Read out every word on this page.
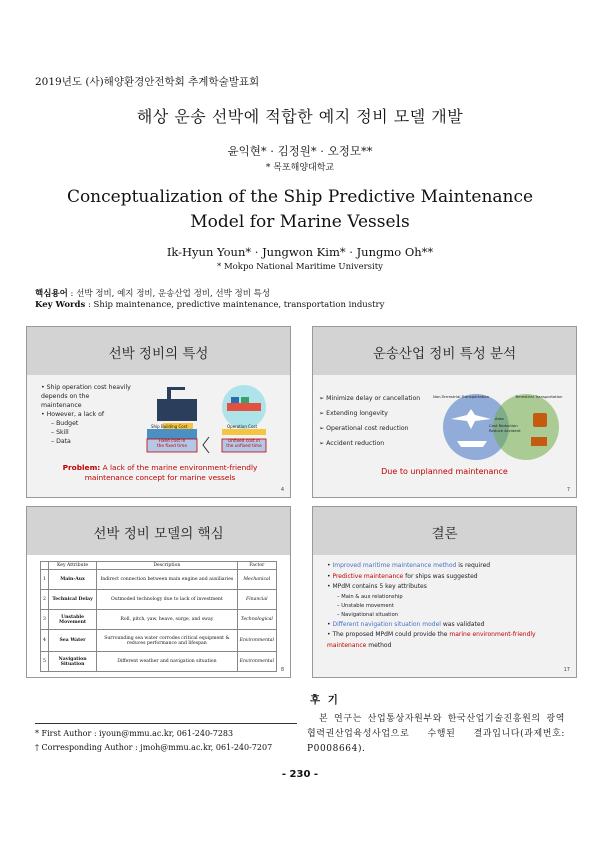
2019년도 (사)해양환경안전학회 추계학술발표회
해상 운송 선박에 적합한 예지 정비 모델 개발
윤익현* · 김정원* · 오정모**
* 목포해양대학교
Conceptualization of the Ship Predictive Maintenance Model for Marine Vessels
Ik-Hyun Youn* · Jungwon Kim* · Jungmo Oh**
* Mokpo National Maritime University
핵심용어 : 선박 정비, 예지 정비, 운송산업 정비, 선박 정비 특성
Key Words : Ship maintenance, predictive maintenance, transportation industry
선박 정비의 특성
• Ship operation cost heavily depends on the maintenance
• However, a lack of
– Budget
– Skill
– Data
Ship Building Cost	Operation Cost
Fixed cost in
the fixed time
Unfixed cost in
the unfixed time
Problem: A lack of the marine environment-friendly maintenance concept for marine vessels
4
운송산업 정비 특성 분석
➢ Minimize delay or cancellation
➢ Extending longevity
➢ Operational cost reduction
➢ Accident reduction
Non-Terrestrial Transportation	Terrestrial Transportation
Area
Cost Reduction
Reduce Accident
Due to unplanned maintenance
7
선박 정비 모델의 핵심
	Key Attribute	Description	Factor
1	Main-Aux	Indirect connection between main engine and auxiliaries	Mechanical
2	Technical Delay	Outmoded technology due to lack of investment	Financial
3	Unstable Movement	Roll, pitch, yaw, heave, surge, and sway	Technological
4	Sea Water	Surrounding sea water corrodes critical equipment & reduces performance and lifespan	Environmental
5	Navigation Situation	Different weather and navigation situation	Environmental
8
결론
• Improved maritime maintenance method is required
• Predictive maintenance for ships was suggested
• MPdM contains 5 key attributes
– Main & aux relationship
– Unstable movement
– Navigational situation
• Different navigation situation model was validated
• The proposed MPdM could provide the marine environment-friendly maintenance method
17
* First Author : iyoun@mmu.ac.kr, 061-240-7283
† Corresponding Author : jmoh@mmu.ac.kr, 061-240-7207
후 기
본 연구는 산업통상자원부와 한국산업기술진흥원의 광역협력권산업육성사업으로 수행된 결과입니다(과제번호: P0008664).
- 230 -
